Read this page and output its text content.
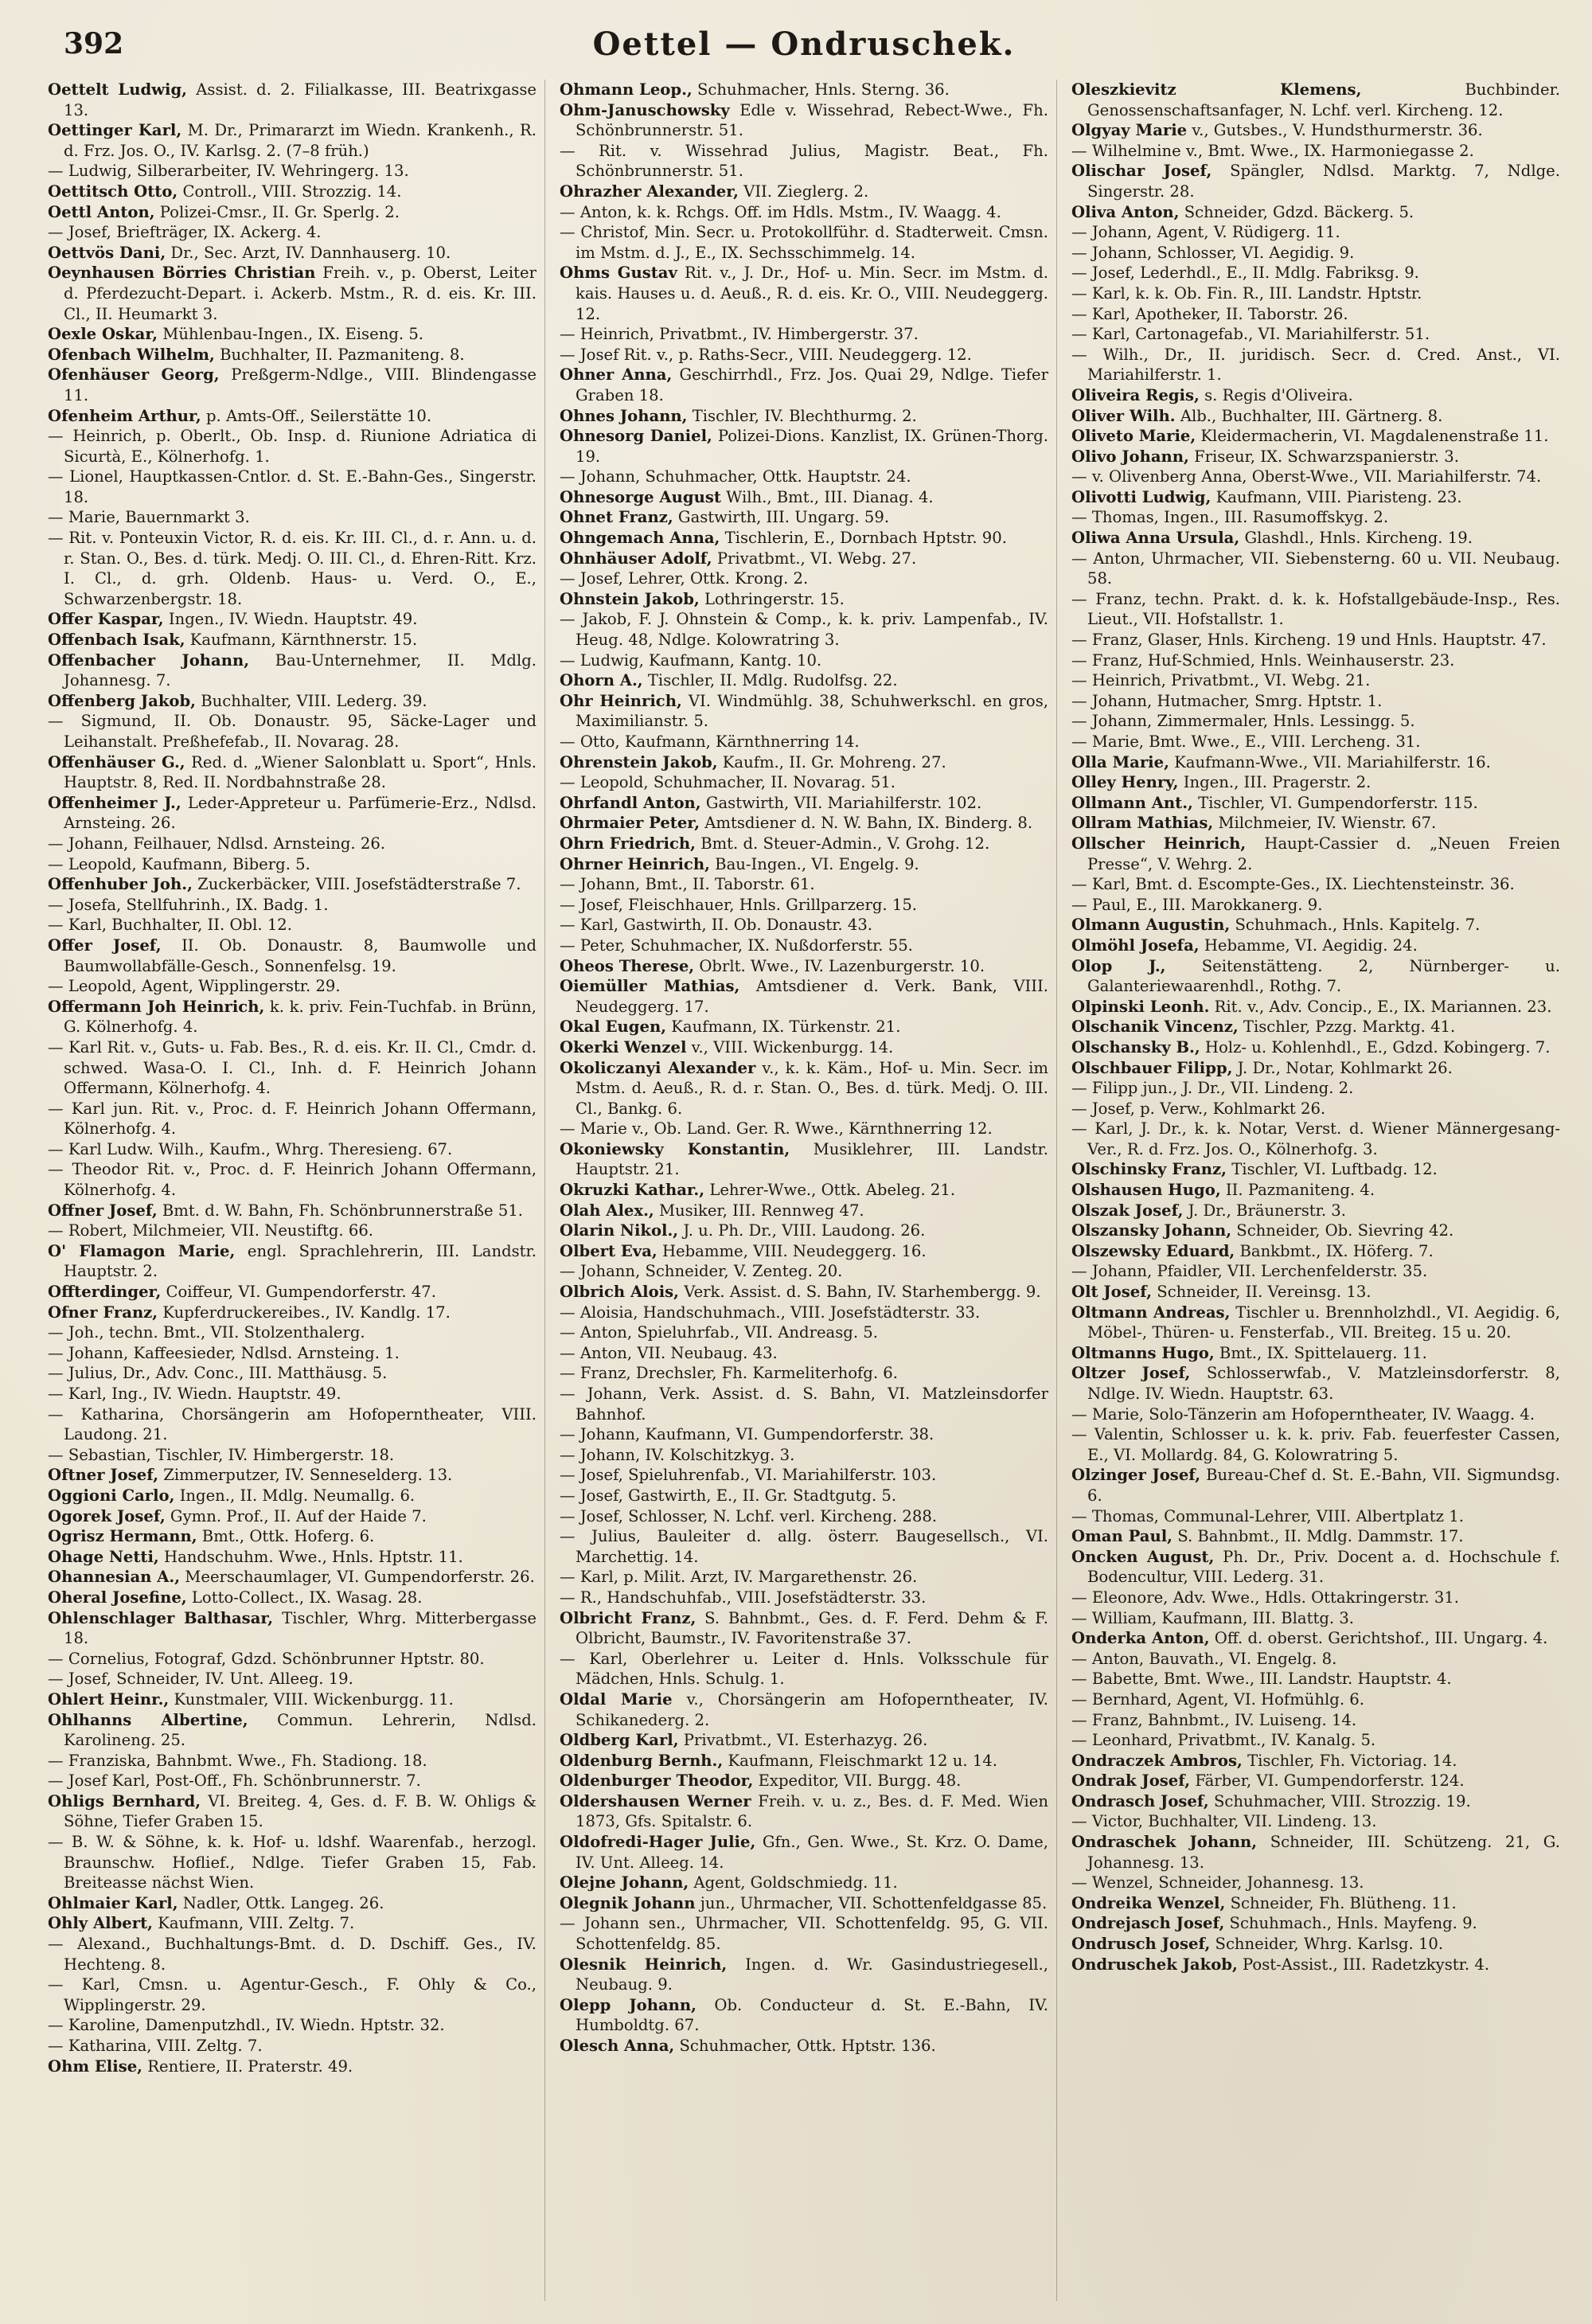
392	Oettel — Ondruschek.

Oettelt Ludwig, Assist. d. 2. Filialkasse, III. Beatrixgasse 13.

Oettinger Karl, M. Dr., Primararzt im Wiedn. Krankenh., R. d. Frz. Jos. O., IV. Karlsg. 2. (7–8 früh.)

— Ludwig, Silberarbeiter, IV. Wehringerg. 13.

Oettitsch Otto, Controll., VIII. Strozzig. 14.

Oettl Anton, Polizei-Cmsr., II. Gr. Sperlg. 2.

— Josef, Briefträger, IX. Ackerg. 4.

Oettvös Dani, Dr., Sec. Arzt, IV. Dannhauserg. 10.

Oeynhausen Börries Christian Freih. v., p. Oberst, Leiter d. Pferdezucht-Depart. i. Ackerb. Mstm., R. d. eis. Kr. III. Cl., II. Heumarkt 3.

Oexle Oskar, Mühlenbau-Ingen., IX. Eiseng. 5.

Ofenbach Wilhelm, Buchhalter, II. Pazmaniteng. 8.

Ofenhäuser Georg, Preßgerm-Ndlge., VIII. Blindengasse 11.

Ofenheim Arthur, p. Amts-Off., Seilerstätte 10.

— Heinrich, p. Oberlt., Ob. Insp. d. Riunione Adriatica di Sicurtà, E., Kölnerhofg. 1.

— Lionel, Hauptkassen-Cntlor. d. St. E.-Bahn-Ges., Singerstr. 18.

— Marie, Bauernmarkt 3.

— Rit. v. Ponteuxin Victor, R. d. eis. Kr. III. Cl., d. r. Ann. u. d. r. Stan. O., Bes. d. türk. Medj. O. III. Cl., d. Ehren-Ritt. Krz. I. Cl., d. grh. Oldenb. Haus- u. Verd. O., E., Schwarzenbergstr. 18.

Offer Kaspar, Ingen., IV. Wiedn. Hauptstr. 49.

Offenbach Isak, Kaufmann, Kärnthnerstr. 15.

Offenbacher Johann, Bau-Unternehmer, II. Mdlg. Johannesg. 7.

Offenberg Jakob, Buchhalter, VIII. Lederg. 39.

— Sigmund, II. Ob. Donaustr. 95, Säcke-Lager und Leihanstalt. Preßhefefab., II. Novarag. 28.

Offenhäuser G., Red. d. „Wiener Salonblatt u. Sport“, Hnls. Hauptstr. 8, Red. II. Nordbahnstraße 28.

Offenheimer J., Leder-Appreteur u. Parfümerie-Erz., Ndlsd. Arnsteing. 26.

— Johann, Feilhauer, Ndlsd. Arnsteing. 26.

— Leopold, Kaufmann, Biberg. 5.

Offenhuber Joh., Zuckerbäcker, VIII. Josefstädterstraße 7.

— Josefa, Stellfuhrinh., IX. Badg. 1.

— Karl, Buchhalter, II. Obl. 12.

Offer Josef, II. Ob. Donaustr. 8, Baumwolle und Baumwollabfälle-Gesch., Sonnenfelsg. 19.

— Leopold, Agent, Wipplingerstr. 29.

Offermann Joh Heinrich, k. k. priv. Fein-Tuchfab. in Brünn, G. Kölnerhofg. 4.

— Karl Rit. v., Guts- u. Fab. Bes., R. d. eis. Kr. II. Cl., Cmdr. d. schwed. Wasa-O. I. Cl., Inh. d. F. Heinrich Johann Offermann, Kölnerhofg. 4.

— Karl jun. Rit. v., Proc. d. F. Heinrich Johann Offermann, Kölnerhofg. 4.

— Karl Ludw. Wilh., Kaufm., Whrg. Theresieng. 67.

— Theodor Rit. v., Proc. d. F. Heinrich Johann Offermann, Kölnerhofg. 4.

Offner Josef, Bmt. d. W. Bahn, Fh. Schönbrunnerstraße 51.

— Robert, Milchmeier, VII. Neustiftg. 66.

O' Flamagon Marie, engl. Sprachlehrerin, III. Landstr. Hauptstr. 2.

Offterdinger, Coiffeur, VI. Gumpendorferstr. 47.

Ofner Franz, Kupferdruckereibes., IV. Kandlg. 17.

— Joh., techn. Bmt., VII. Stolzenthalerg.

— Johann, Kaffeesieder, Ndlsd. Arnsteing. 1.

— Julius, Dr., Adv. Conc., III. Matthäusg. 5.

— Karl, Ing., IV. Wiedn. Hauptstr. 49.

— Katharina, Chorsängerin am Hofoperntheater, VIII. Laudong. 21.

— Sebastian, Tischler, IV. Himbergerstr. 18.

Oftner Josef, Zimmerputzer, IV. Senneselderg. 13.

Oggioni Carlo, Ingen., II. Mdlg. Neumallg. 6.

Ogorek Josef, Gymn. Prof., II. Auf der Haide 7.

Ogrisz Hermann, Bmt., Ottk. Hoferg. 6.

Ohage Netti, Handschuhm. Wwe., Hnls. Hptstr. 11.

Ohannesian A., Meerschaumlager, VI. Gumpendorferstr. 26.

Oheral Josefine, Lotto-Collect., IX. Wasag. 28.

Ohlenschlager Balthasar, Tischler, Whrg. Mitterbergasse 18.

— Cornelius, Fotograf, Gdzd. Schönbrunner Hptstr. 80.

— Josef, Schneider, IV. Unt. Alleeg. 19.

Ohlert Heinr., Kunstmaler, VIII. Wickenburgg. 11.

Ohlhanns Albertine, Commun. Lehrerin, Ndlsd. Karolineng. 25.

— Franziska, Bahnbmt. Wwe., Fh. Stadiong. 18.

— Josef Karl, Post-Off., Fh. Schönbrunnerstr. 7.

Ohligs Bernhard, VI. Breiteg. 4, Ges. d. F. B. W. Ohligs & Söhne, Tiefer Graben 15.

— B. W. & Söhne, k. k. Hof- u. ldshf. Waarenfab., herzogl. Braunschw. Hoflief., Ndlge. Tiefer Graben 15, Fab. Breiteasse nächst Wien.

Ohlmaier Karl, Nadler, Ottk. Langeg. 26.

Ohly Albert, Kaufmann, VIII. Zeltg. 7.

— Alexand., Buchhaltungs-Bmt. d. D. Dschiff. Ges., IV. Hechteng. 8.

— Karl, Cmsn. u. Agentur-Gesch., F. Ohly & Co., Wipplingerstr. 29.

— Karoline, Damenputzhdl., IV. Wiedn. Hptstr. 32.

— Katharina, VIII. Zeltg. 7.

Ohm Elise, Rentiere, II. Praterstr. 49.

Ohmann Leop., Schuhmacher, Hnls. Sterng. 36.

Ohm-Januschowsky Edle v. Wissehrad, Rebect-Wwe., Fh. Schönbrunnerstr. 51.

— Rit. v. Wissehrad Julius, Magistr. Beat., Fh. Schönbrunnerstr. 51.

Ohrazher Alexander, VII. Zieglerg. 2.

— Anton, k. k. Rchgs. Off. im Hdls. Mstm., IV. Waagg. 4.

— Christof, Min. Secr. u. Protokollführ. d. Stadterweit. Cmsn. im Mstm. d. J., E., IX. Sechsschimmelg. 14.

Ohms Gustav Rit. v., J. Dr., Hof- u. Min. Secr. im Mstm. d. kais. Hauses u. d. Aeuß., R. d. eis. Kr. O., VIII. Neudeggerg. 12.

— Heinrich, Privatbmt., IV. Himbergerstr. 37.

— Josef Rit. v., p. Raths-Secr., VIII. Neudeggerg. 12.

Ohner Anna, Geschirrhdl., Frz. Jos. Quai 29, Ndlge. Tiefer Graben 18.

Ohnes Johann, Tischler, IV. Blechthurmg. 2.

Ohnesorg Daniel, Polizei-Dions. Kanzlist, IX. Grünen-Thorg. 19.

— Johann, Schuhmacher, Ottk. Hauptstr. 24.

Ohnesorge August Wilh., Bmt., III. Dianag. 4.

Ohnet Franz, Gastwirth, III. Ungarg. 59.

Ohngemach Anna, Tischlerin, E., Dornbach Hptstr. 90.

Ohnhäuser Adolf, Privatbmt., VI. Webg. 27.

— Josef, Lehrer, Ottk. Krong. 2.

Ohnstein Jakob, Lothringerstr. 15.

— Jakob, F. J. Ohnstein & Comp., k. k. priv. Lampenfab., IV. Heug. 48, Ndlge. Kolowratring 3.

— Ludwig, Kaufmann, Kantg. 10.

Ohorn A., Tischler, II. Mdlg. Rudolfsg. 22.

Ohr Heinrich, VI. Windmühlg. 38, Schuhwerkschl. en gros, Maximilianstr. 5.

— Otto, Kaufmann, Kärnthnerring 14.

Ohrenstein Jakob, Kaufm., II. Gr. Mohreng. 27.

— Leopold, Schuhmacher, II. Novarag. 51.

Ohrfandl Anton, Gastwirth, VII. Mariahilferstr. 102.

Ohrmaier Peter, Amtsdiener d. N. W. Bahn, IX. Binderg. 8.

Ohrn Friedrich, Bmt. d. Steuer-Admin., V. Grohg. 12.

Ohrner Heinrich, Bau-Ingen., VI. Engelg. 9.

— Johann, Bmt., II. Taborstr. 61.

— Josef, Fleischhauer, Hnls. Grillparzerg. 15.

— Karl, Gastwirth, II. Ob. Donaustr. 43.

— Peter, Schuhmacher, IX. Nußdorferstr. 55.

Oheos Therese, Obrlt. Wwe., IV. Lazenburgerstr. 10.

Oiemüller Mathias, Amtsdiener d. Verk. Bank, VIII. Neudeggerg. 17.

Okal Eugen, Kaufmann, IX. Türkenstr. 21.

Okerki Wenzel v., VIII. Wickenburgg. 14.

Okoliczanyi Alexander v., k. k. Käm., Hof- u. Min. Secr. im Mstm. d. Aeuß., R. d. r. Stan. O., Bes. d. türk. Medj. O. III. Cl., Bankg. 6.

— Marie v., Ob. Land. Ger. R. Wwe., Kärnthnerring 12.

Okoniewsky Konstantin, Musiklehrer, III. Landstr. Hauptstr. 21.

Okruzki Kathar., Lehrer-Wwe., Ottk. Abeleg. 21.

Olah Alex., Musiker, III. Rennweg 47.

Olarin Nikol., J. u. Ph. Dr., VIII. Laudong. 26.

Olbert Eva, Hebamme, VIII. Neudeggerg. 16.

— Johann, Schneider, V. Zenteg. 20.

Olbrich Alois, Verk. Assist. d. S. Bahn, IV. Starhembergg. 9.

— Aloisia, Handschuhmach., VIII. Josefstädterstr. 33.

— Anton, Spieluhrfab., VII. Andreasg. 5.

— Anton, VII. Neubaug. 43.

— Franz, Drechsler, Fh. Karmeliterhofg. 6.

— Johann, Verk. Assist. d. S. Bahn, VI. Matzleinsdorfer Bahnhof.

— Johann, Kaufmann, VI. Gumpendorferstr. 38.

— Johann, IV. Kolschitzkyg. 3.

— Josef, Spieluhrenfab., VI. Mariahilferstr. 103.

— Josef, Gastwirth, E., II. Gr. Stadtgutg. 5.

— Josef, Schlosser, N. Lchf. verl. Kircheng. 288.

— Julius, Bauleiter d. allg. österr. Baugesellsch., VI. Marchettig. 14.

— Karl, p. Milit. Arzt, IV. Margarethenstr. 26.

— R., Handschuhfab., VIII. Josefstädterstr. 33.

Olbricht Franz, S. Bahnbmt., Ges. d. F. Ferd. Dehm & F. Olbricht, Baumstr., IV. Favoritenstraße 37.

— Karl, Oberlehrer u. Leiter d. Hnls. Volksschule für Mädchen, Hnls. Schulg. 1.

Oldal Marie v., Chorsängerin am Hofoperntheater, IV. Schikanederg. 2.

Oldberg Karl, Privatbmt., VI. Esterhazyg. 26.

Oldenburg Bernh., Kaufmann, Fleischmarkt 12 u. 14.

Oldenburger Theodor, Expeditor, VII. Burgg. 48.

Oldershausen Werner Freih. v. u. z., Bes. d. F. Med. Wien 1873, Gfs. Spitalstr. 6.

Oldofredi-Hager Julie, Gfn., Gen. Wwe., St. Krz. O. Dame, IV. Unt. Alleeg. 14.

Olejne Johann, Agent, Goldschmiedg. 11.

Olegnik Johann jun., Uhrmacher, VII. Schottenfeldgasse 85.

— Johann sen., Uhrmacher, VII. Schottenfeldg. 95, G. VII. Schottenfeldg. 85.

Olesnik Heinrich, Ingen. d. Wr. Gasindustriegesell., Neubaug. 9.

Olepp Johann, Ob. Conducteur d. St. E.-Bahn, IV. Humboldtg. 67.

Olesch Anna, Schuhmacher, Ottk. Hptstr. 136.

Oleszkievitz Klemens,	Buchbinder. Genossenschaftsanfager, N. Lchf. verl. Kircheng. 12.

Olgyay Marie v., Gutsbes., V. Hundsthurmerstr. 36.

— Wilhelmine v., Bmt. Wwe., IX. Harmoniegasse 2.

Olischar Josef, Spängler, Ndlsd. Marktg. 7, Ndlge. Singerstr. 28.

Oliva Anton, Schneider, Gdzd. Bäckerg. 5.

— Johann, Agent, V. Rüdigerg. 11.

— Johann, Schlosser, VI. Aegidig. 9.

— Josef, Lederhdl., E., II. Mdlg. Fabriksg. 9.

— Karl, k. k. Ob. Fin. R., III. Landstr. Hptstr.

— Karl, Apotheker, II. Taborstr. 26.

— Karl, Cartonagefab., VI. Mariahilferstr. 51.

— Wilh., Dr., II. juridisch. Secr. d. Cred. Anst., VI. Mariahilferstr. 1.

Oliveira Regis, s. Regis d'Oliveira.

Oliver Wilh. Alb., Buchhalter, III. Gärtnerg. 8.

Oliveto Marie, Kleidermacherin, VI. Magdalenenstraße 11.

Olivo Johann, Friseur, IX. Schwarzspanierstr. 3.

— v. Olivenberg Anna, Oberst-Wwe., VII. Mariahilferstr. 74.

Olivotti Ludwig, Kaufmann, VIII. Piaristeng. 23.

— Thomas, Ingen., III. Rasumoffskyg. 2.

Oliwa Anna Ursula, Glashdl., Hnls. Kircheng. 19.

— Anton, Uhrmacher, VII. Siebensterng. 60 u. VII. Neubaug. 58.

— Franz, techn. Prakt. d. k. k. Hofstallgebäude-Insp., Res. Lieut., VII. Hofstallstr. 1.

— Franz, Glaser, Hnls. Kircheng. 19 und Hnls. Hauptstr. 47.

— Franz, Huf-Schmied, Hnls. Weinhauserstr. 23.

— Heinrich, Privatbmt., VI. Webg. 21.

— Johann, Hutmacher, Smrg. Hptstr. 1.

— Johann, Zimmermaler, Hnls. Lessingg. 5.

— Marie, Bmt. Wwe., E., VIII. Lercheng. 31.

Olla Marie, Kaufmann-Wwe., VII. Mariahilferstr. 16.

Olley Henry, Ingen., III. Pragerstr. 2.

Ollmann Ant., Tischler, VI. Gumpendorferstr. 115.

Ollram Mathias, Milchmeier, IV. Wienstr. 67.

Ollscher Heinrich, Haupt-Cassier d. „Neuen Freien Presse“, V. Wehrg. 2.

— Karl, Bmt. d. Escompte-Ges., IX. Liechtensteinstr. 36.

— Paul, E., III. Marokkanerg. 9.

Olmann Augustin, Schuhmach., Hnls. Kapitelg. 7.

Olmöhl Josefa, Hebamme, VI. Aegidig. 24.

Olop J., Seitenstätteng. 2, Nürnberger- u. Galanteriewaarenhdl., Rothg. 7.

Olpinski Leonh. Rit. v., Adv. Concip., E., IX. Mariannen. 23.

Olschanik Vincenz, Tischler, Pzzg. Marktg. 41.

Olschansky B., Holz- u. Kohlenhdl., E., Gdzd. Kobingerg. 7.

Olschbauer Filipp, J. Dr., Notar, Kohlmarkt 26.

— Filipp jun., J. Dr., VII. Lindeng. 2.

— Josef, p. Verw., Kohlmarkt 26.

— Karl, J. Dr., k. k. Notar, Verst. d. Wiener Männergesang-Ver., R. d. Frz. Jos. O., Kölnerhofg. 3.

Olschinsky Franz, Tischler, VI. Luftbadg. 12.

Olshausen Hugo, II. Pazmaniteng. 4.

Olszak Josef, J. Dr., Bräunerstr. 3.

Olszansky Johann, Schneider, Ob. Sievring 42.

Olszewsky Eduard, Bankbmt., IX. Höferg. 7.

— Johann, Pfaidler, VII. Lerchenfelderstr. 35.

Olt Josef, Schneider, II. Vereinsg. 13.

Oltmann Andreas, Tischler u. Brennholzhdl., VI. Aegidig. 6, Möbel-, Thüren- u. Fensterfab., VII. Breiteg. 15 u. 20.

Oltmanns Hugo, Bmt., IX. Spittelauerg. 11.

Oltzer Josef, Schlosserwfab., V. Matzleinsdorferstr. 8, Ndlge. IV. Wiedn. Hauptstr. 63.

— Marie, Solo-Tänzerin am Hofoperntheater, IV. Waagg. 4.

— Valentin, Schlosser u. k. k. priv. Fab. feuerfester Cassen, E., VI. Mollardg. 84, G. Kolowratring 5.

Olzinger Josef, Bureau-Chef d. St. E.-Bahn, VII. Sigmundsg. 6.

— Thomas, Communal-Lehrer, VIII. Albertplatz 1.

Oman Paul, S. Bahnbmt., II. Mdlg. Dammstr. 17.

Oncken August, Ph. Dr., Priv. Docent a. d. Hochschule f. Bodencultur, VIII. Lederg. 31.

— Eleonore, Adv. Wwe., Hdls. Ottakringerstr. 31.

— William, Kaufmann, III. Blattg. 3.

Onderka Anton, Off. d. oberst. Gerichtshof., III. Ungarg. 4.

— Anton, Bauvath., VI. Engelg. 8.

— Babette, Bmt. Wwe., III. Landstr. Hauptstr. 4.

— Bernhard, Agent, VI. Hofmühlg. 6.

— Franz, Bahnbmt., IV. Luiseng. 14.

— Leonhard, Privatbmt., IV. Kanalg. 5.

Ondraczek Ambros, Tischler, Fh. Victoriag. 14.

Ondrak Josef, Färber, VI. Gumpendorferstr. 124.

Ondrasch Josef, Schuhmacher, VIII. Strozzig. 19.

— Victor, Buchhalter, VII. Lindeng. 13.

Ondraschek Johann, Schneider, III. Schützeng. 21, G. Johannesg. 13.

— Wenzel, Schneider, Johannesg. 13.

Ondreika Wenzel, Schneider, Fh. Blütheng. 11.

Ondrejasch Josef, Schuhmach., Hnls. Mayfeng. 9.

Ondrusch Josef, Schneider, Whrg. Karlsg. 10.

Ondruschek Jakob, Post-Assist., III. Radetzkystr. 4.
